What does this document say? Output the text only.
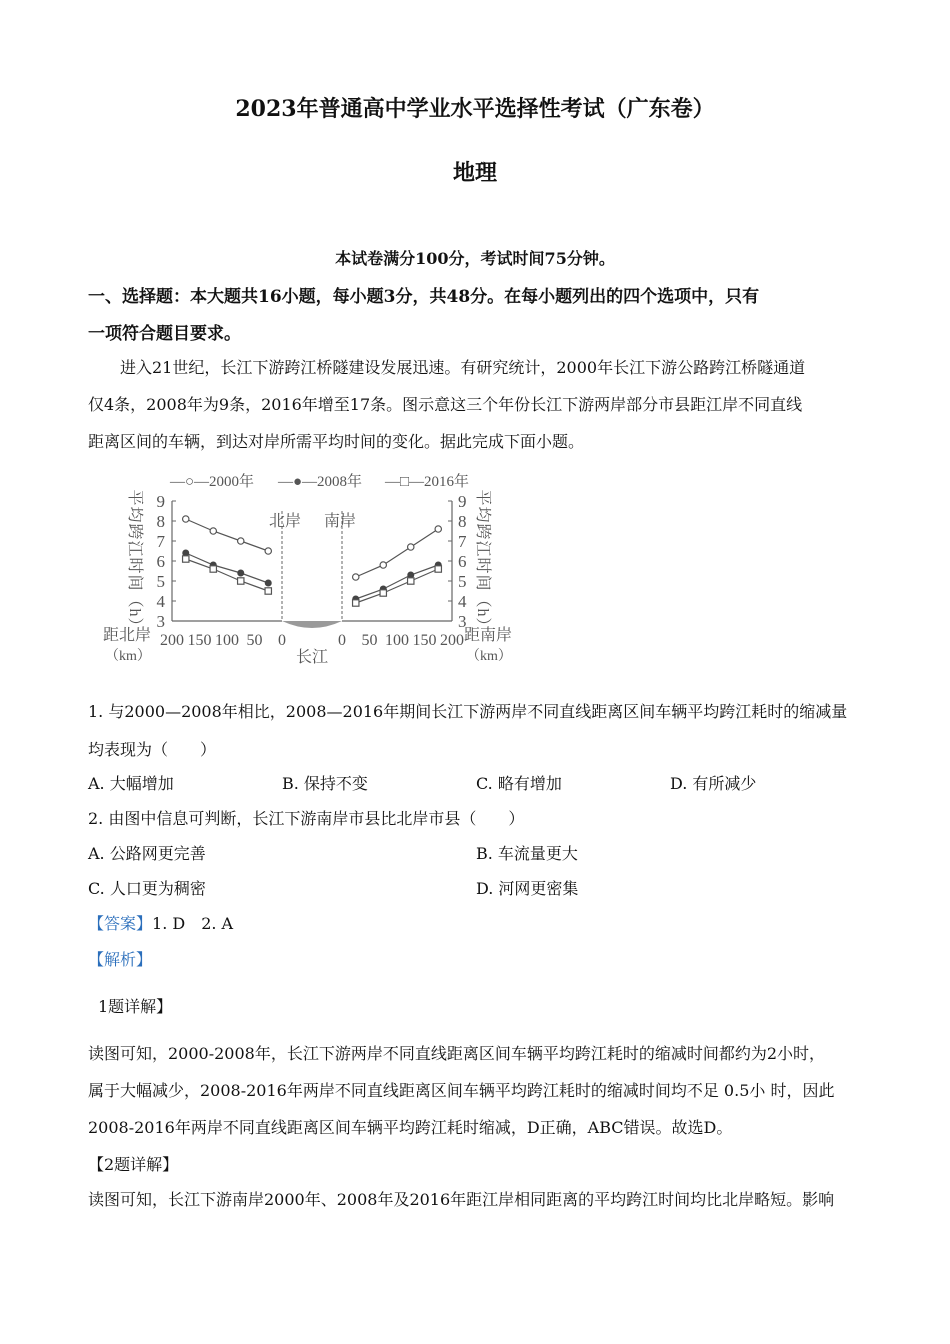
2023年普通高中学业水平选择性考试（广东卷）
地理
本试卷满分100分，考试时间75分钟。
一、选择题：本大题共16小题，每小题3分，共48分。在每小题列出的四个选项中，只有
一项符合题目要求。
进入21世纪，长江下游跨江桥隧建设发展迅速。有研究统计，2000年长江下游公路跨江桥隧通道
仅4条，2008年为9条，2016年增至17条。图示意这三个年份长江下游两岸部分市县距江岸不同直线
距离区间的车辆，到达对岸所需平均时间的变化。据此完成下面小题。
9
8
7
6
5
4
3
9
8
7
6
5
4
3
200 150 100 50 0	0 50 100 150 200
平均跨江时间（h）	平均跨江时间（h）
距北岸
（km）
距南岸
（km）
长江
北岸 南岸
—○—2000年 —●—2008年 —□—2016年
1. 与2000—2008年相比，2008—2016年期间长江下游两岸不同直线距离区间车辆平均跨江耗时的缩减量
均表现为（　　）
A. 大幅增加	B. 保持不变	C. 略有增加	D. 有所减少
2. 由图中信息可判断，长江下游南岸市县比北岸市县（　　）
A. 公路网更完善	B. 车流量更大
C. 人口更为稠密	D. 河网更密集
【答案】1. D　2. A
【解析】
1题详解】
读图可知，2000-2008年，长江下游两岸不同直线距离区间车辆平均跨江耗时的缩减时间都约为2小时，
属于大幅减少，2008-2016年两岸不同直线距离区间车辆平均跨江耗时的缩减时间均不足 0.5小 时，因此
2008-2016年两岸不同直线距离区间车辆平均跨江耗时缩减，D正确，ABC错误。故选D。
【2题详解】
读图可知，长江下游南岸2000年、2008年及2016年距江岸相同距离的平均跨江时间均比北岸略短。影响
